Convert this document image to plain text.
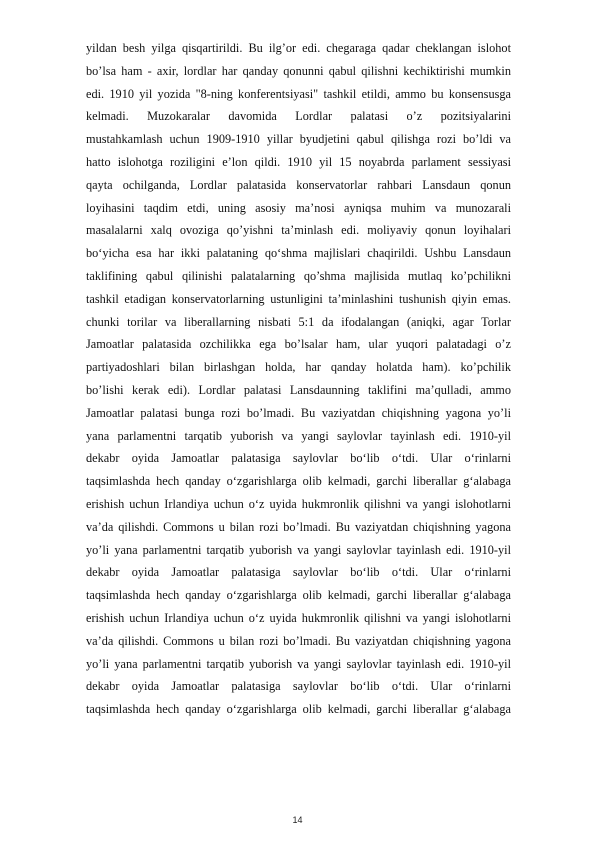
yildan besh yilga qisqartirildi. Bu ilg’or edi. chegaraga qadar cheklangan islohot
bo’lsa ham - axir, lordlar har qanday qonunni qabul qilishni kechiktirishi mumkin
edi. 1910 yil yozida "8-ning konferentsiyasi" tashkil etildi, ammo bu konsensusga
kelmadi. Muzokaralar davomida Lordlar palatasi o’z pozitsiyalarini
mustahkamlash uchun 1909-1910 yillar byudjetini qabul qilishga rozi bo’ldi va
hatto islohotga roziligini e’lon qildi. 1910 yil 15 noyabrda parlament sessiyasi
qayta ochilganda, Lordlar palatasida konservatorlar rahbari Lansdaun qonun
loyihasini taqdim etdi, uning asosiy ma’nosi ayniqsa muhim va munozarali
masalalarni xalq ovoziga qo’yishni ta’minlash edi. moliyaviy qonun loyihalari
bo‘yicha esa har ikki palataning qo‘shma majlislari chaqirildi. Ushbu Lansdaun
taklifining qabul qilinishi palatalarning qo’shma majlisida mutlaq ko’pchilikni
tashkil etadigan konservatorlarning ustunligini ta’minlashini tushunish qiyin emas.
chunki torilar va liberallarning nisbati 5:1 da ifodalangan (aniqki, agar Torlar
Jamoatlar palatasida ozchilikka ega bo’lsalar ham, ular yuqori palatadagi o’z
partiyadoshlari bilan birlashgan holda, har qanday holatda ham). ko’pchilik
bo’lishi kerak edi). Lordlar palatasi Lansdaunning taklifini ma’qulladi, ammo
Jamoatlar palatasi bunga rozi bo’lmadi. Bu vaziyatdan chiqishning yagona yo’li
yana parlamentni tarqatib yuborish va yangi saylovlar tayinlash edi. 1910-yil
dekabr oyida Jamoatlar palatasiga saylovlar bo‘lib o‘tdi. Ular o‘rinlarni
taqsimlashda hech qanday o‘zgarishlarga olib kelmadi, garchi liberallar g‘alabaga
erishish uchun Irlandiya uchun o‘z uyida hukmronlik qilishni va yangi islohotlarni
va’da qilishdi. Commons u bilan rozi bo’lmadi. Bu vaziyatdan chiqishning yagona
yo’li yana parlamentni tarqatib yuborish va yangi saylovlar tayinlash edi. 1910-yil
dekabr oyida Jamoatlar palatasiga saylovlar bo‘lib o‘tdi. Ular o‘rinlarni
taqsimlashda hech qanday o‘zgarishlarga olib kelmadi, garchi liberallar g‘alabaga
erishish uchun Irlandiya uchun o‘z uyida hukmronlik qilishni va yangi islohotlarni
va’da qilishdi. Commons u bilan rozi bo’lmadi. Bu vaziyatdan chiqishning yagona
yo’li yana parlamentni tarqatib yuborish va yangi saylovlar tayinlash edi. 1910-yil
dekabr oyida Jamoatlar palatasiga saylovlar bo‘lib o‘tdi. Ular o‘rinlarni
taqsimlashda hech qanday o‘zgarishlarga olib kelmadi, garchi liberallar g‘alabaga
14
